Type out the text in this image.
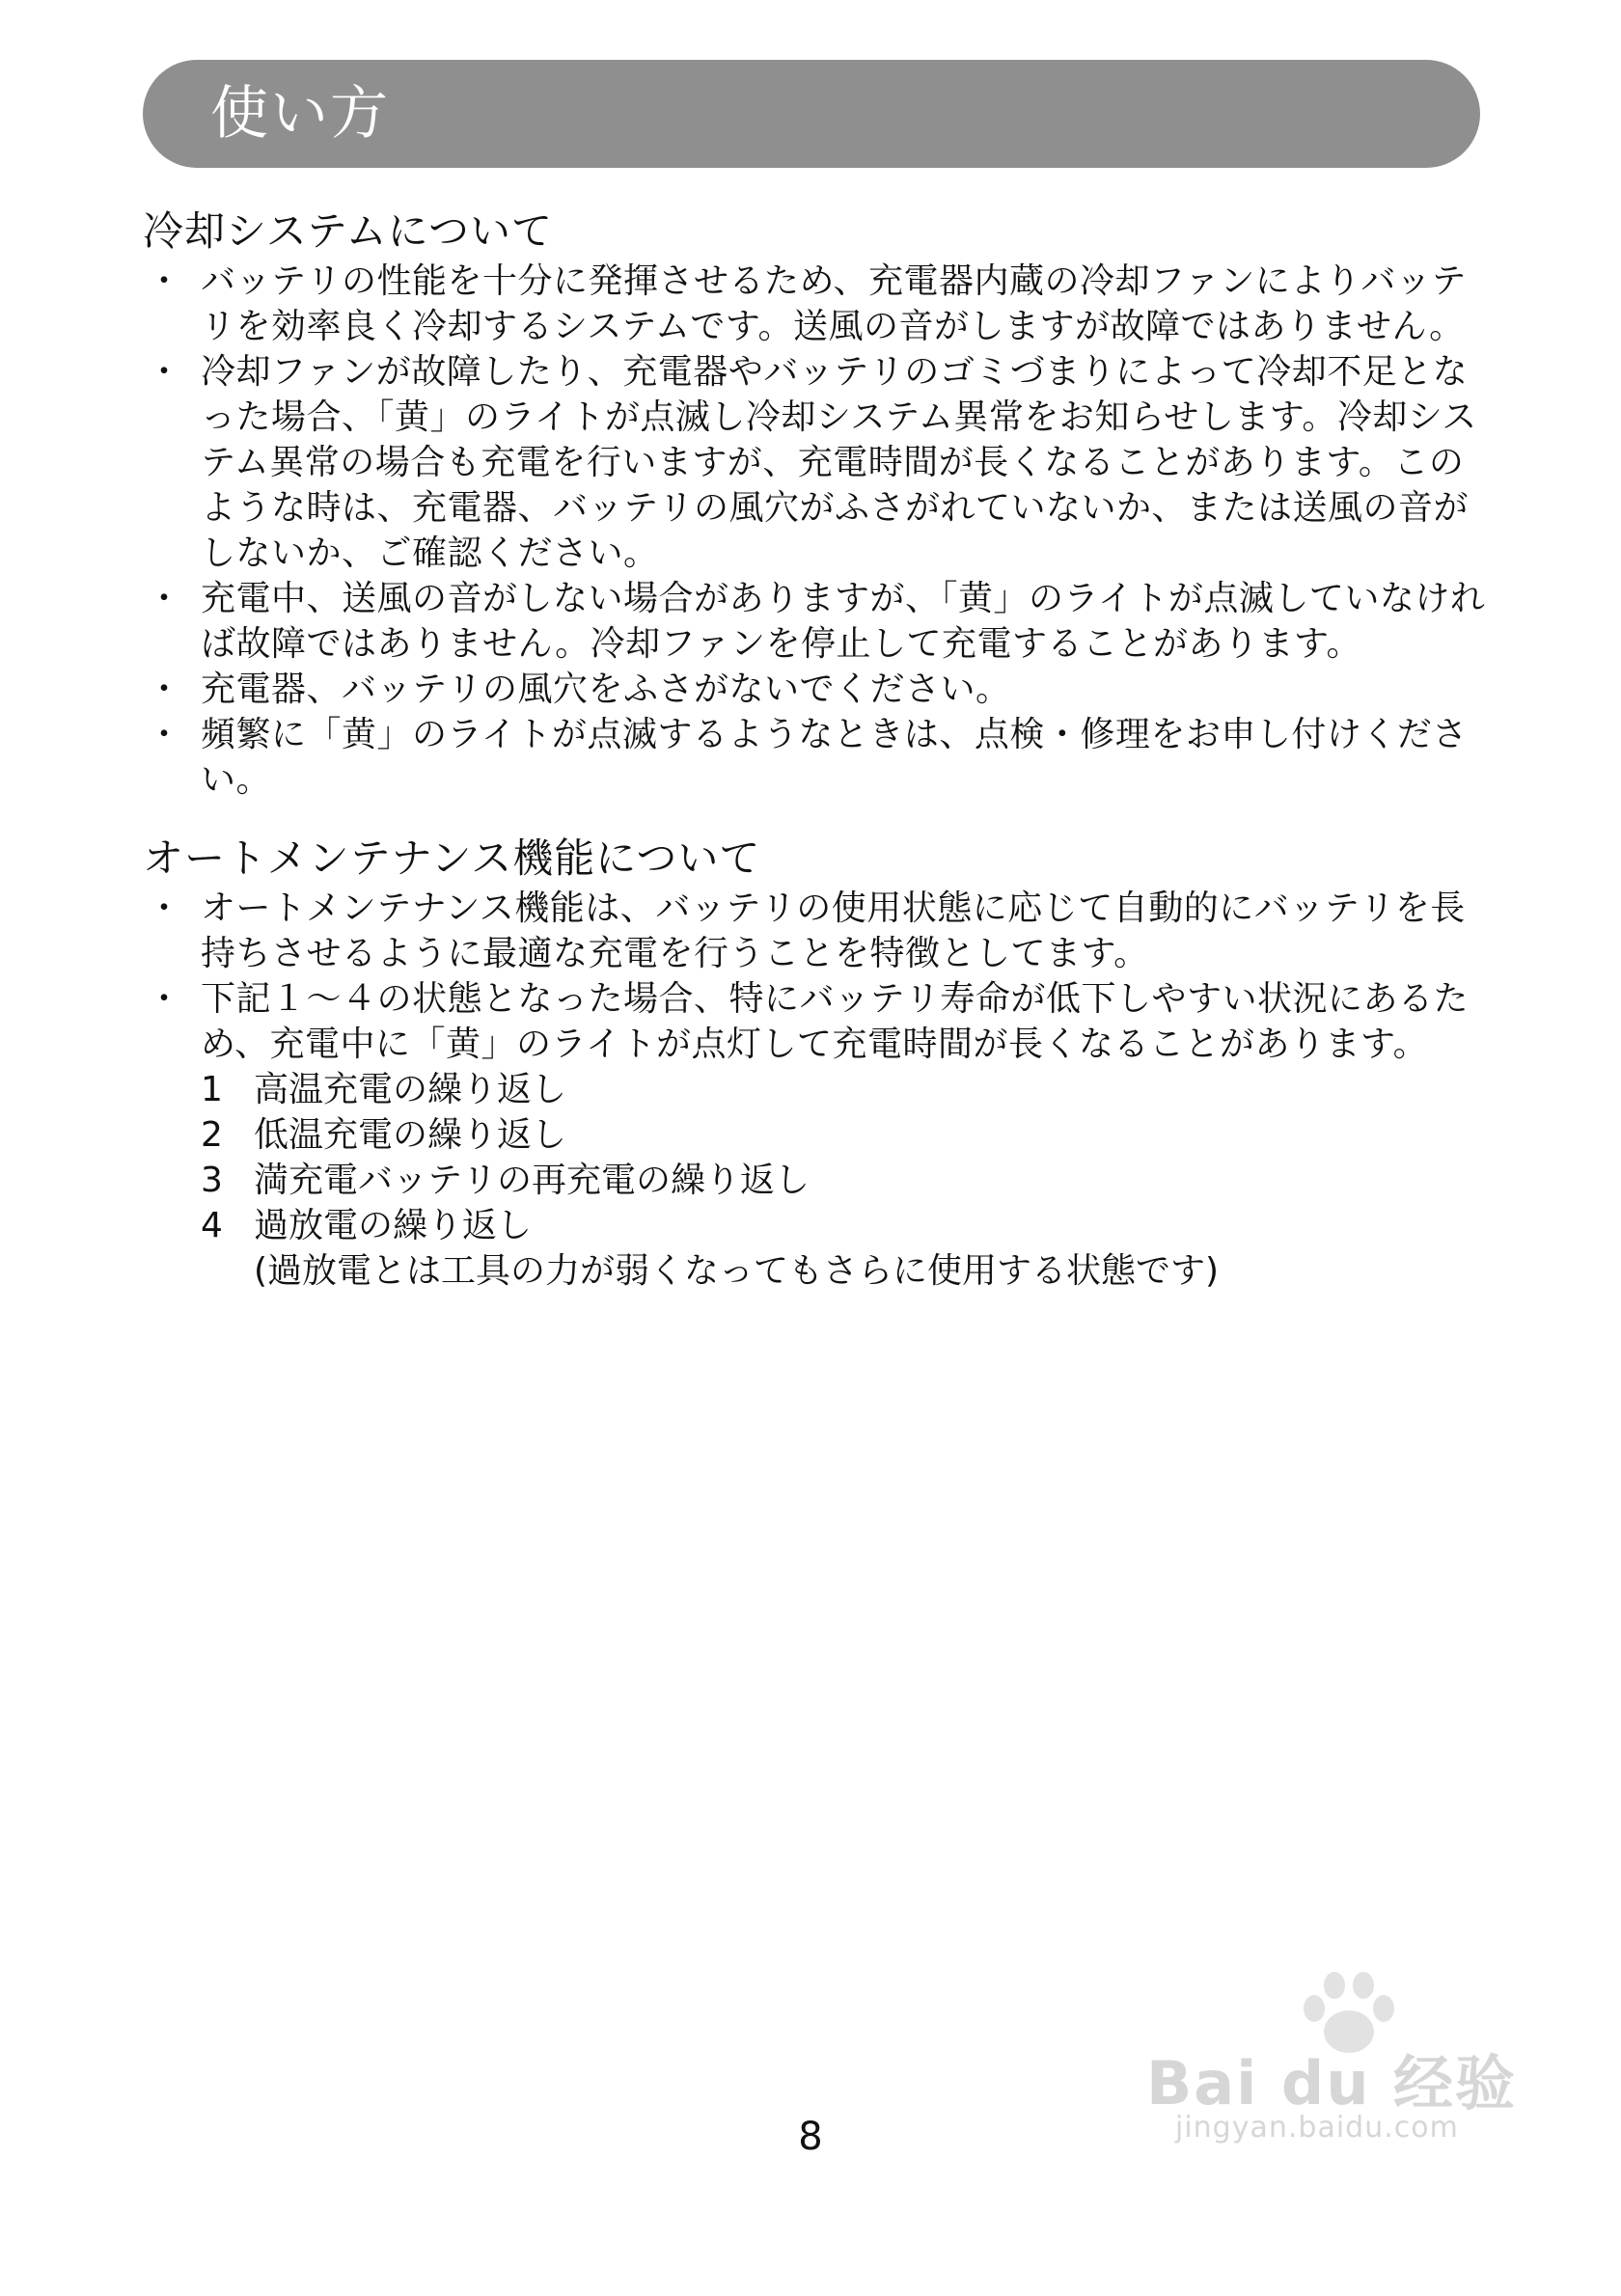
使い方
冷却システムについて
・ バッテリの性能を十分に発揮させるため、充電器内蔵の冷却ファンによりバッテリを効率良く冷却するシステムです。送風の音がしますが故障ではありません。
・ 冷却ファンが故障したり、充電器やバッテリのゴミづまりによって冷却不足となった場合、「黄」のライトが点滅し冷却システム異常をお知らせします。冷却システム異常の場合も充電を行いますが、充電時間が長くなることがあります。このような時は、充電器、バッテリの風穴がふさがれていないか、または送風の音がしないか、ご確認ください。
・ 充電中、送風の音がしない場合がありますが、「黄」のライトが点滅していなければ故障ではありません。冷却ファンを停止して充電することがあります。
・ 充電器、バッテリの風穴をふさがないでください。
・ 頻繁に「黄」のライトが点滅するようなときは、点検・修理をお申し付けください。
オートメンテナンス機能について
・ オートメンテナンス機能は、バッテリの使用状態に応じて自動的にバッテリを長持ちさせるように最適な充電を行うことを特徴としてます。
・ 下記１～４の状態となった場合、特にバッテリ寿命が低下しやすい状況にあるため、充電中に「黄」のライトが点灯して充電時間が長くなることがあります。
1 高温充電の繰り返し
2 低温充電の繰り返し
3 満充電バッテリの再充電の繰り返し
4 過放電の繰り返し
(過放電とは工具の力が弱くなってもさらに使用する状態です)
Bai du 经验
jingyan.baidu.com
8
